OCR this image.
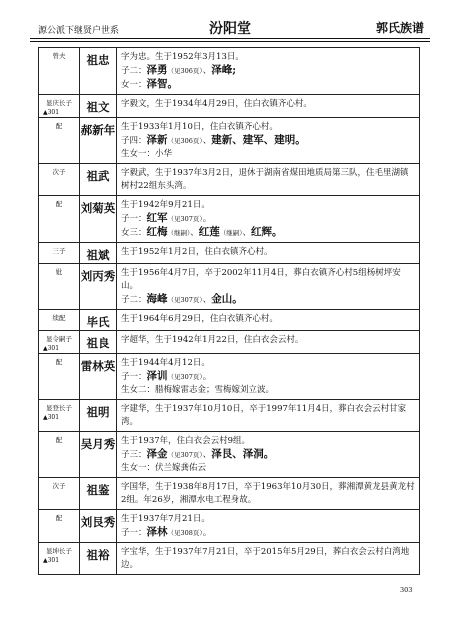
源公派下继贤户世系	汾阳堂	郭氏族谱
曾夫	祖忠	字为忠。生于1952年3月13日。
子二：泽勇（见306页）、泽峰;
女一：泽智。

显庆长子
▲301	祖文	字毅文，生于1934年4月29日，住白衣镇齐心村。

配	郝新年	生于1933年1月10日，住白衣镇齐心村。
子四：泽新（见306页）、建新、建军、建明。
生女一：小华

次子	祖武	字毅武，生于1937年3月2日，退休于湖南省煤田地质局第三队，住毛里湖镇树村22组东头湾。

配	刘菊英	生于1942年9月21日。
子一：红军（见307页）。
女三：红梅（继嗣）、红莲（继嗣）、红辉。

三子	祖斌	生于1952年1月2日，住白衣镇齐心村。

妣	刘丙秀	生于1956年4月7日，卒于2002年11月4日，葬白衣镇齐心村5组杨树坪安山。
子二：海峰（见307页）、金山。

续配	毕氏	生于1964年6月29日，住白衣镇齐心村。

显令嗣子
▲301	祖良	字超华，生于1942年1月22日，住白衣会云村。

配	雷林英	生于1944年4月12日。
子一：泽训（见307页）。
生女二：腊梅嫁雷志金；雪梅嫁刘立波。

显登长子
▲301	祖明	字建华，生于1937年10月10日，卒于1997年11月4日，葬白衣会云村甘家湾。

配	吴月秀	生于1937年，住白衣会云村9组。
子三：泽金（见307页）、泽艮、泽洞。
生女一：伏兰嫁龚佑云

次子	祖鉴	字国华，生于1938年8月17日，卒于1963年10月30日，葬湘潭黄龙县黄龙村2组。年26岁，湘潭水电工程身故。

配	刘艮秀	生于1937年7月21日。
子一：泽林（见308页）。

显坤长子
▲301	祖裕	字宝华，生于1937年7月21日，卒于2015年5月29日，葬白衣会云村白湾地边。
303
